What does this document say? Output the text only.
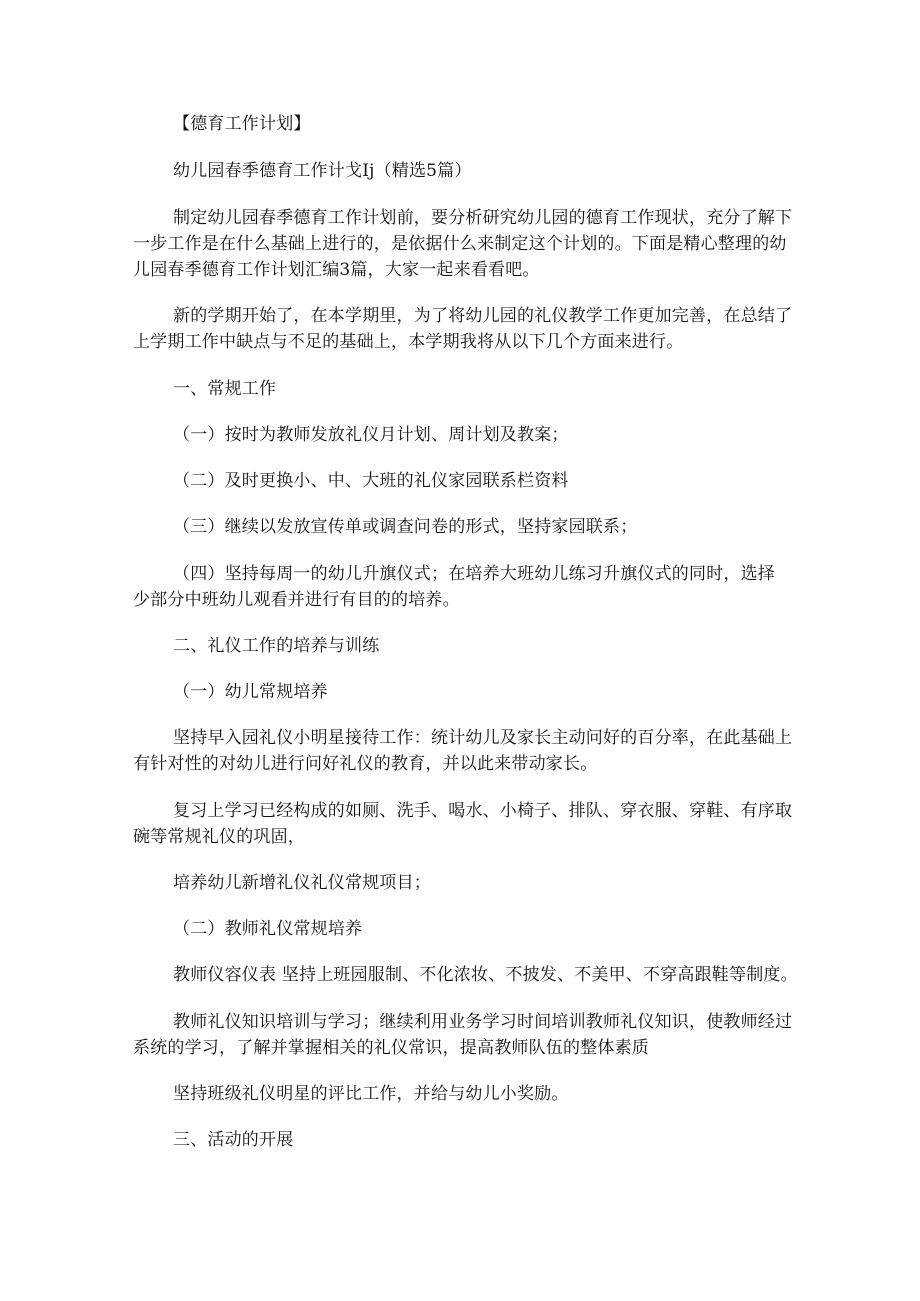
【德育工作计划】
幼儿园春季德育工作计戈Ij（精选5篇）
制定幼儿园春季德育工作计划前，要分析研究幼儿园的德育工作现状，充分了解下
一步工作是在什么基础上进行的，是依据什么来制定这个计划的。下面是精心整理的幼
儿园春季德育工作计划汇编3篇，大家一起来看看吧。
新的学期开始了，在本学期里，为了将幼儿园的礼仪教学工作更加完善，在总结了
上学期工作中缺点与不足的基础上，本学期我将从以下几个方面来进行。
一、常规工作
（一）按时为教师发放礼仪月计划、周计划及教案；
（二）及时更换小、中、大班的礼仪家园联系栏资料
（三）继续以发放宣传单或调查问卷的形式，坚持家园联系；
（四）坚持每周一的幼儿升旗仪式；在培养大班幼儿练习升旗仪式的同时，选择
少部分中班幼儿观看并进行有目的的培养。
二、礼仪工作的培养与训练
（一）幼儿常规培养
坚持早入园礼仪小明星接待工作：统计幼儿及家长主动问好的百分率，在此基础上
有针对性的对幼儿进行问好礼仪的教育，并以此来带动家长。
复习上学习已经构成的如厕、洗手、喝水、小椅子、排队、穿衣服、穿鞋、有序取
碗等常规礼仪的巩固，
培养幼儿新增礼仪礼仪常规项目；
（二）教师礼仪常规培养
教师仪容仪表 坚持上班园服制、不化浓妆、不披发、不美甲、不穿高跟鞋等制度。
教师礼仪知识培训与学习；继续利用业务学习时间培训教师礼仪知识，使教师经过
系统的学习，了解并掌握相关的礼仪常识，提高教师队伍的整体素质
坚持班级礼仪明星的评比工作，并给与幼儿小奖励。
三、活动的开展
